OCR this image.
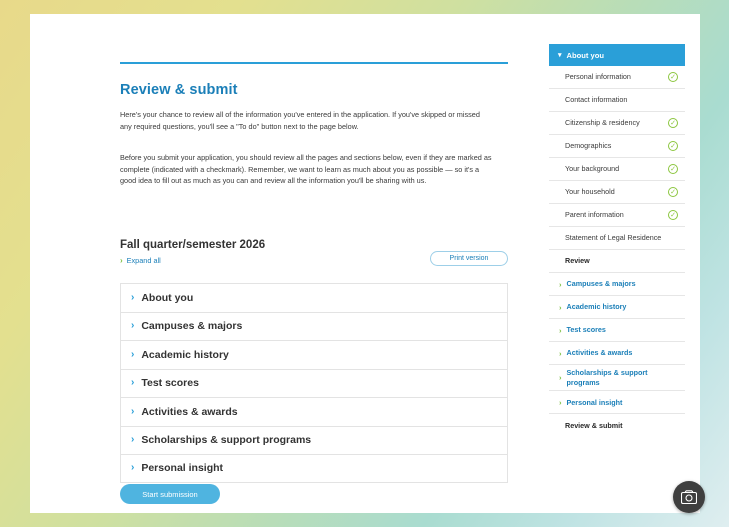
Review & submit

Here's your chance to review all of the information you've entered in the application. If you've skipped or missed any required questions, you'll see a "To do" button next to the page below.

Before you submit your application, you should review all the pages and sections below, even if they are marked as complete (indicated with a checkmark). Remember, we want to learn as much about you as possible — so it's a good idea to fill out as much as you can and review all the information you'll be sharing with us.

Fall quarter/semester 2026
› Expand all	Print version
› About you
› Campuses & majors
› Academic history
› Test scores
› Activities & awards
› Scholarships & support programs
› Personal insight
Start submission
▾ About you
Personal information	✓
Contact information
Citizenship & residency	✓
Demographics	✓
Your background	✓
Your household	✓
Parent information	✓
Statement of Legal Residence
Review
› Campuses & majors
› Academic history
› Test scores
› Activities & awards
›
Scholarships & support programs
› Personal insight
Review & submit
